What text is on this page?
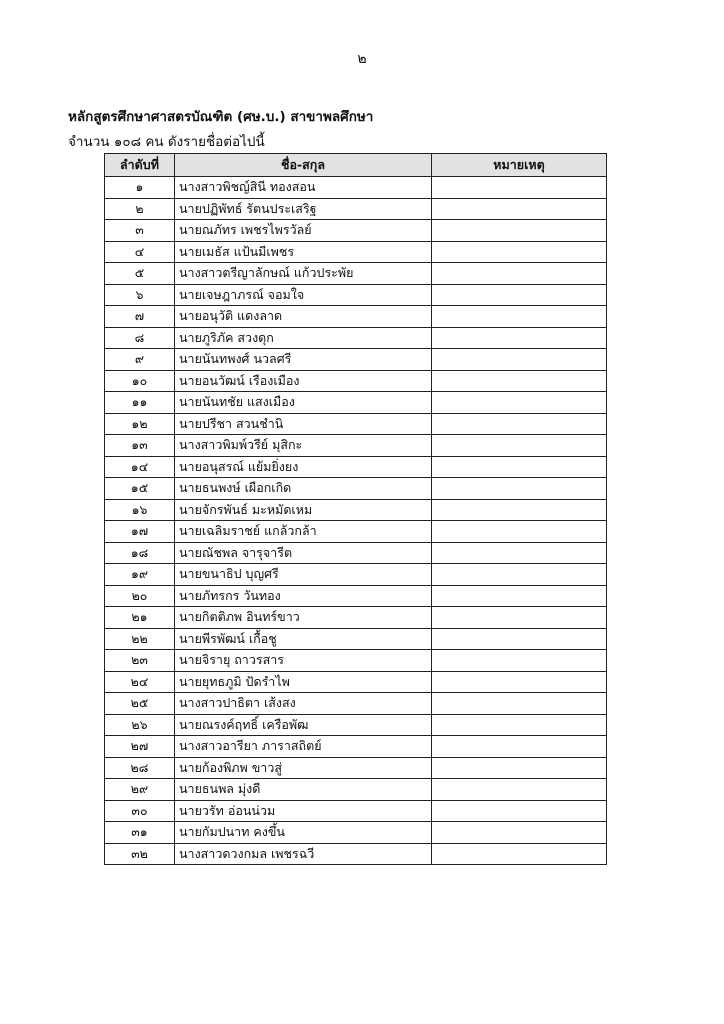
๒
หลักสูตรศึกษาศาสตรบัณฑิต (ศษ.บ.) สาขาพลศึกษา
จำนวน ๑๐๘ คน ดังรายชื่อต่อไปนี้
ลำดับที่	ชื่อ-สกุล	หมายเหตุ
๑	นางสาวพิชญ์สินี ทองสอน	
๒	นายปฏิพัทธ์ รัตนประเสริฐ	
๓	นายณภัทร เพชรไพรวัลย์	
๔	นายเมธัส แป้นมีเพชร	
๕	นางสาวตรีญาลักษณ์ แก้วประพัย	
๖	นายเจษฎาภรณ์ จอมใจ	
๗	นายอนุวัติ แดงลาด	
๘	นายภูริภัค สวงดุก	
๙	นายนันทพงศ์ นวลศรี	
๑๐	นายอนวัฒน์ เรืองเมือง	
๑๑	นายนันทชัย แสงเมือง	
๑๒	นายปรีชา สวนชำนิ	
๑๓	นางสาวพิมพ์วรีย์ มุสิกะ	
๑๔	นายอนุสรณ์ แย้มยิ่งยง	
๑๕	นายธนพงษ์ เผือกเกิด	
๑๖	นายจักรพันธ์ มะหมัดเหม	
๑๗	นายเฉลิมราชย์ แกล้วกล้า	
๑๘	นายณัชพล จารุจารีต	
๑๙	นายขนาธิป บุญศรี	
๒๐	นายภัทรกร วันทอง	
๒๑	นายกิตติภพ อินทร์ขาว	
๒๒	นายพีรพัฒน์ เกื้อชู	
๒๓	นายจิรายุ ถาวรสาร	
๒๔	นายยุทธภูมิ ปัดรำไพ	
๒๕	นางสาวปาธิตา เส้งสง	
๒๖	นายณรงค์ฤทธิ์ เครือพัฒ	
๒๗	นางสาวอารียา ภาราสถิตย์	
๒๘	นายก้องพิภพ ขาวสู่	
๒๙	นายธนพล มุ่งดี	
๓๐	นายวรัท อ่อนน่วม	
๓๑	นายกัมปนาท คงขึ้น	
๓๒	นางสาวดวงกมล เพชรฉวี	
